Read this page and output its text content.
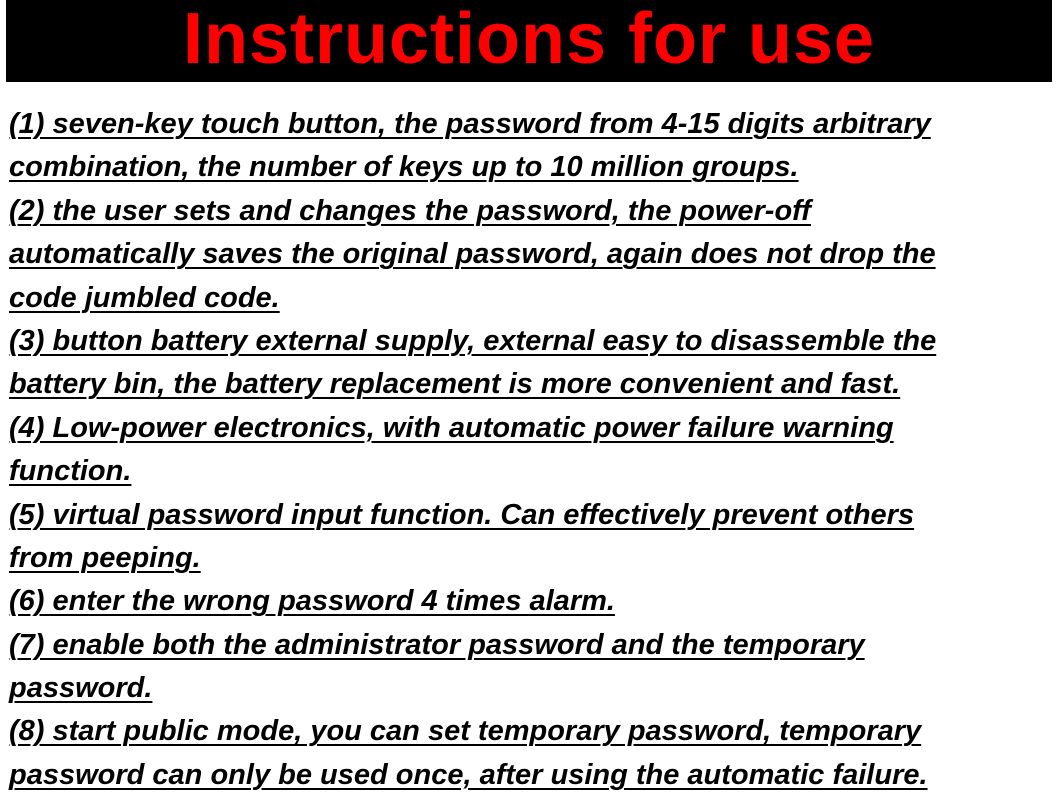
Instructions for use
(1) seven-key touch button, the password from 4-15 digits arbitrary
combination, the number of keys up to 10 million groups.
(2) the user sets and changes the password, the power-off
automatically saves the original password, again does not drop the
code jumbled code.
(3) button battery external supply, external easy to disassemble the
battery bin, the battery replacement is more convenient and fast.
(4) Low-power electronics, with automatic power failure warning
function.
(5) virtual password input function. Can effectively prevent others
from peeping.
(6) enter the wrong password 4 times alarm.
(7) enable both the administrator password and the temporary
password.
(8) start public mode, you can set temporary password, temporary
password can only be used once, after using the automatic failure.
